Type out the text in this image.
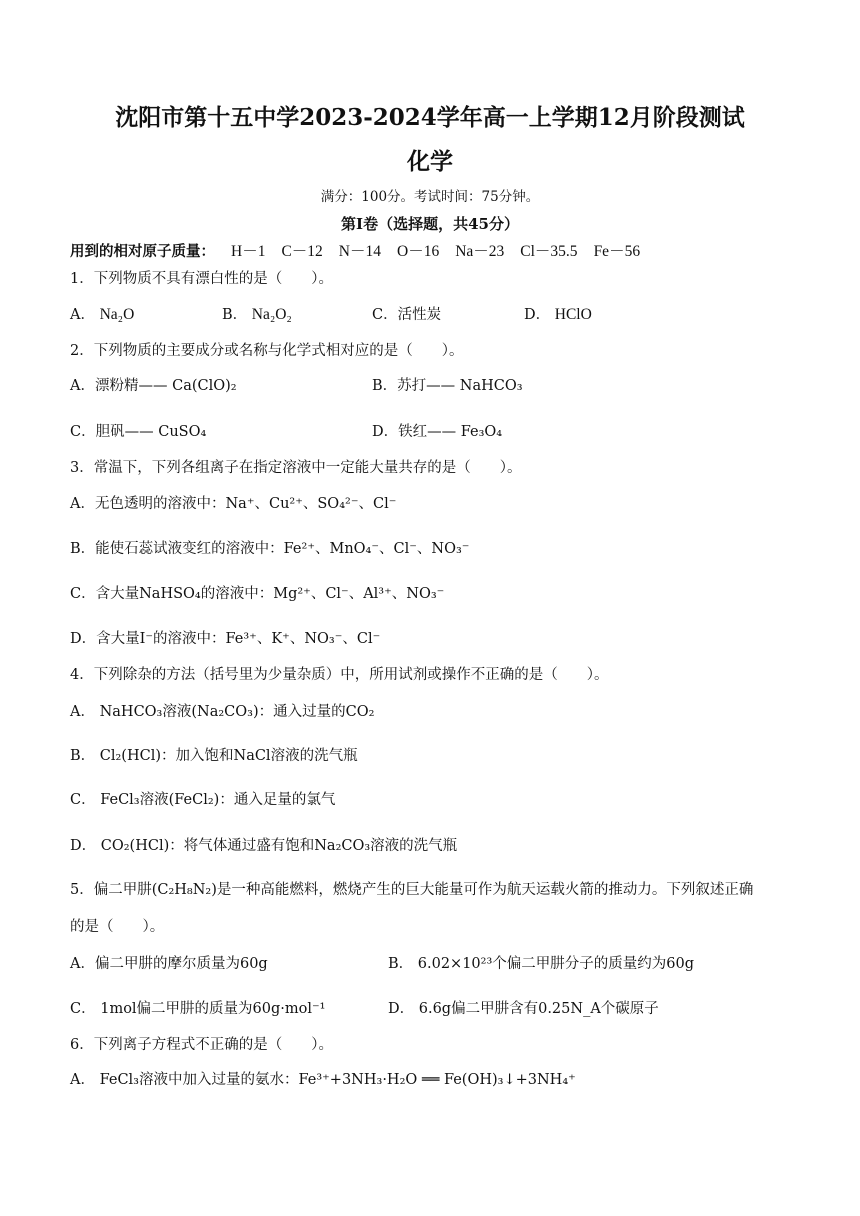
沈阳市第十五中学2023-2024学年高一上学期12月阶段测试
化学
满分：100分。考试时间：75分钟。
第Ⅰ卷（选择题，共45分）
用到的相对原子质量： H－1 C－12 N－14 O－16 Na－23 Cl－35.5 Fe－56
1．下列物质不具有漂白性的是（　　）。
A． Na₂O	B． Na₂O₂	C．活性炭	D． HClO
2．下列物质的主要成分或名称与化学式相对应的是（　　）。
A．漂粉精—— Ca(ClO)₂	B．苏打—— NaHCO₃
C．胆矾—— CuSO₄	D．铁红—— Fe₃O₄
3．常温下，下列各组离子在指定溶液中一定能大量共存的是（　　）。
A．无色透明的溶液中：Na⁺、Cu²⁺、SO₄²⁻、Cl⁻
B．能使石蕊试液变红的溶液中：Fe²⁺、MnO₄⁻、Cl⁻、NO₃⁻
C．含大量NaHSO₄的溶液中：Mg²⁺、Cl⁻、Al³⁺、NO₃⁻
D．含大量I⁻的溶液中：Fe³⁺、K⁺、NO₃⁻、Cl⁻
4．下列除杂的方法（括号里为少量杂质）中，所用试剂或操作不正确的是（　　）。
A． NaHCO₃溶液(Na₂CO₃)：通入过量的CO₂
B． Cl₂(HCl)：加入饱和NaCl溶液的洗气瓶
C． FeCl₃溶液(FeCl₂)：通入足量的氯气
D． CO₂(HCl)：将气体通过盛有饱和Na₂CO₃溶液的洗气瓶
5．偏二甲肼(C₂H₈N₂)是一种高能燃料，燃烧产生的巨大能量可作为航天运载火箭的推动力。下列叙述正确
的是（　　）。
A．偏二甲肼的摩尔质量为60g	B． 6.02×10²³个偏二甲肼分子的质量约为60g
C． 1mol偏二甲肼的质量为60g·mol⁻¹	D． 6.6g偏二甲肼含有0.25N_A个碳原子
6．下列离子方程式不正确的是（　　）。
A． FeCl₃溶液中加入过量的氨水：Fe³⁺+3NH₃·H₂O ══ Fe(OH)₃↓+3NH₄⁺
